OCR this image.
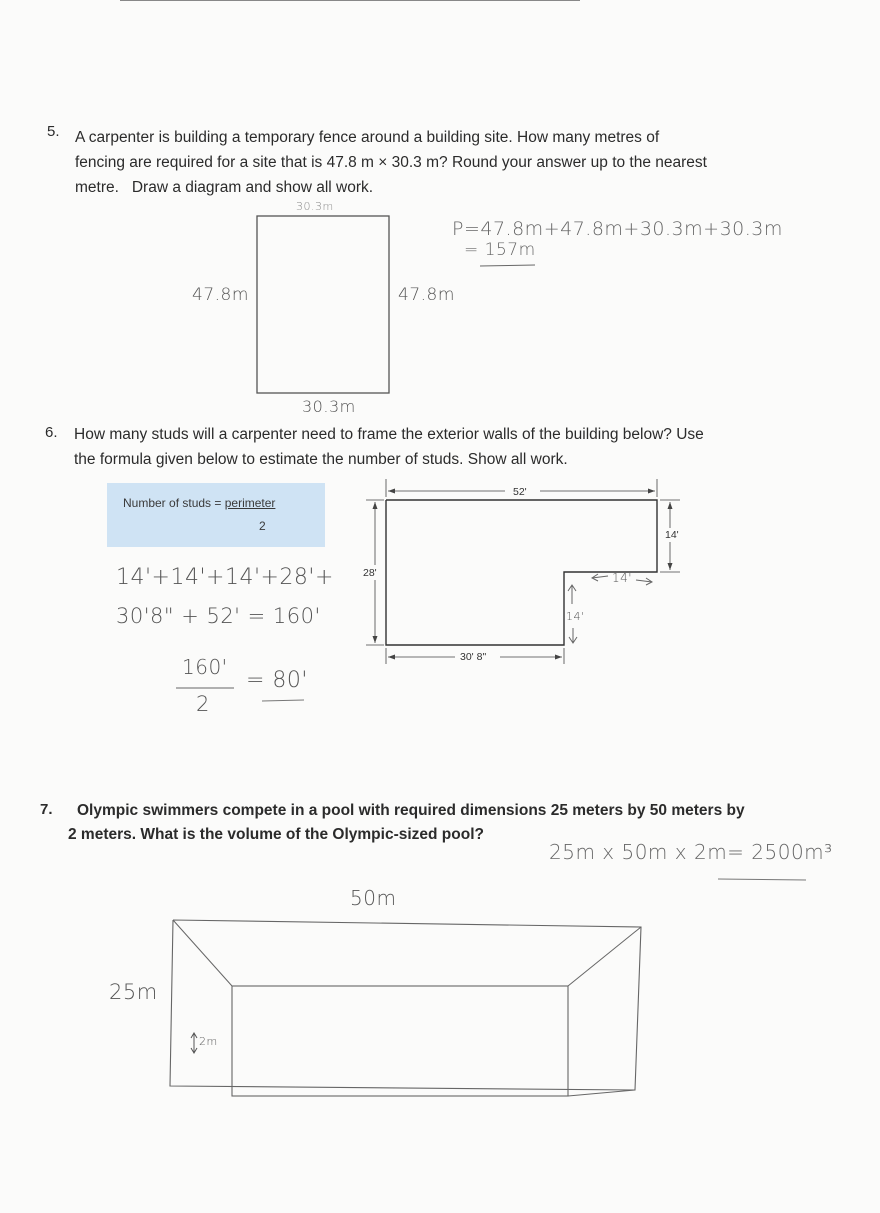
5. A carpenter is building a temporary fence around a building site. How many metres of
fencing are required for a site that is 47.8 m × 30.3 m? Round your answer up to the nearest
metre.   Draw a diagram and show all work.
30.3m
47.8m	47.8m
30.3m
P=47.8m+47.8m+30.3m+30.3m
= 157m
6. How many studs will a carpenter need to frame the exterior walls of the building below? Use
the formula given below to estimate the number of studs. Show all work.
Number of studs = perimeter
2
52'
14'
28'
30' 8"
14'
14'
14'+14'+14'+28'+
30'8" + 52' = 160'
160'
2
= 80'
7.	Olympic swimmers compete in a pool with required dimensions 25 meters by 50 meters by
2 meters. What is the volume of the Olympic-sized pool?
25m x 50m x 2m= 2500m³
50m
25m
2m
